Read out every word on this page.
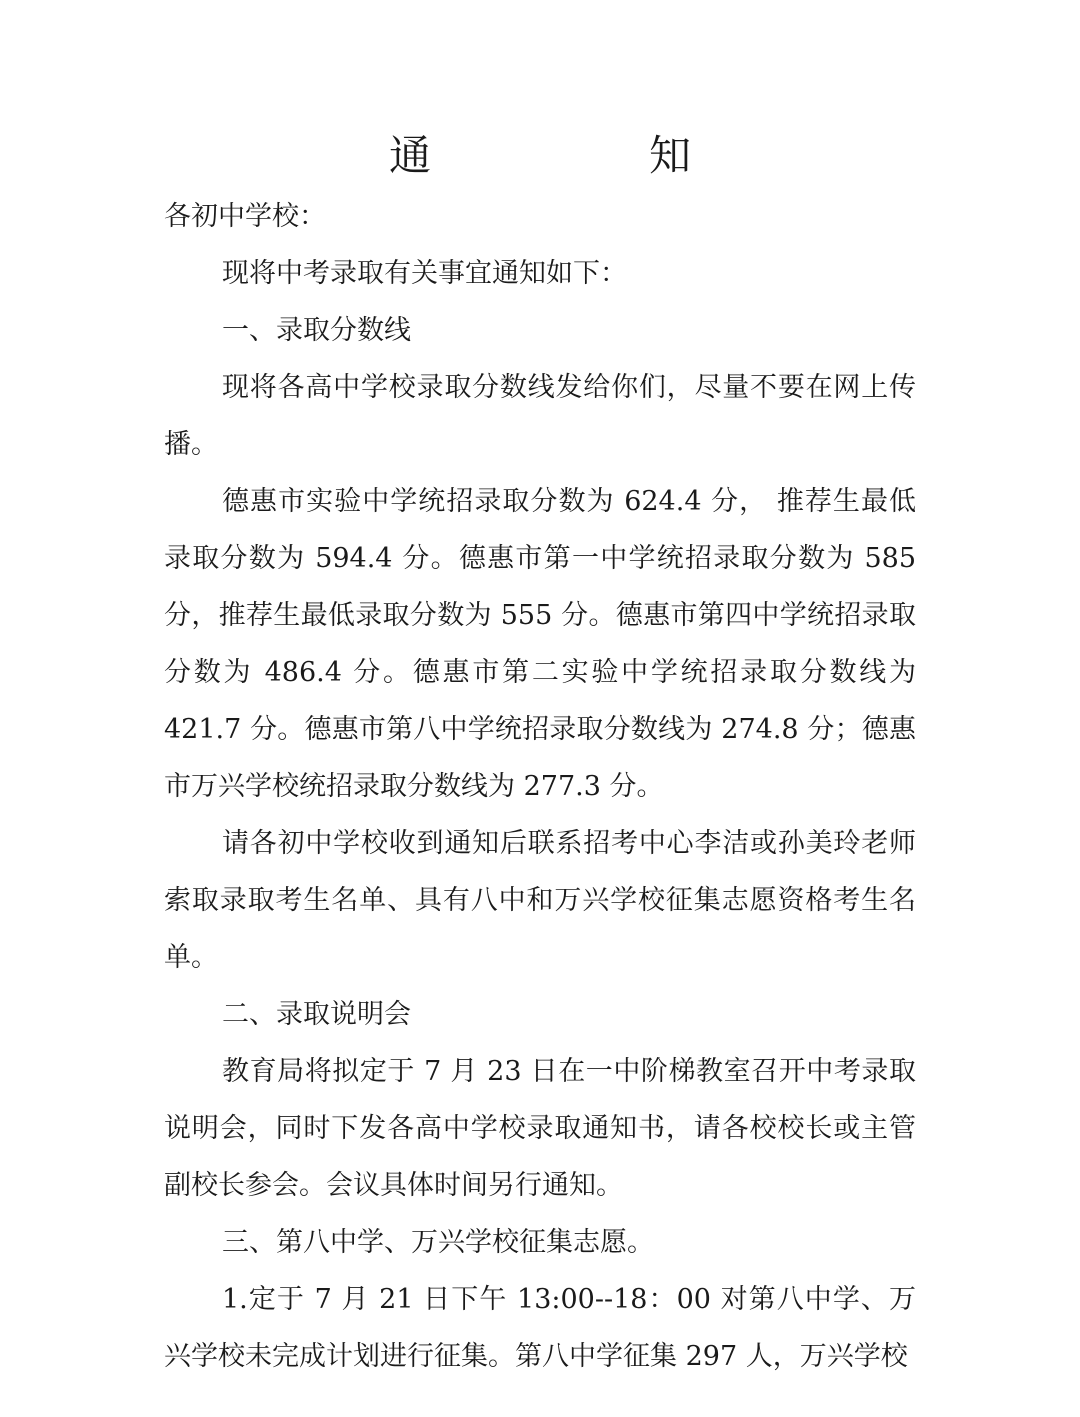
通　知

各初中学校：

现将中考录取有关事宜通知如下：

一、录取分数线

现将各高中学校录取分数线发给你们，尽量不要在网上传播。

德惠市实验中学统招录取分数为 624.4 分， 推荐生最低录取分数为 594.4 分。德惠市第一中学统招录取分数为 585 分，推荐生最低录取分数为 555 分。德惠市第四中学统招录取分数为 486.4 分。德惠市第二实验中学统招录取分数线为 421.7 分。德惠市第八中学统招录取分数线为 274.8 分；德惠市万兴学校统招录取分数线为 277.3 分。

请各初中学校收到通知后联系招考中心李洁或孙美玲老师索取录取考生名单、具有八中和万兴学校征集志愿资格考生名单。

二、录取说明会

教育局将拟定于 7 月 23 日在一中阶梯教室召开中考录取说明会，同时下发各高中学校录取通知书，请各校校长或主管副校长参会。会议具体时间另行通知。

三、第八中学、万兴学校征集志愿。

1.定于 7 月 21 日下午 13:00--18：00 对第八中学、万兴学校未完成计划进行征集。第八中学征集 297 人，万兴学校
